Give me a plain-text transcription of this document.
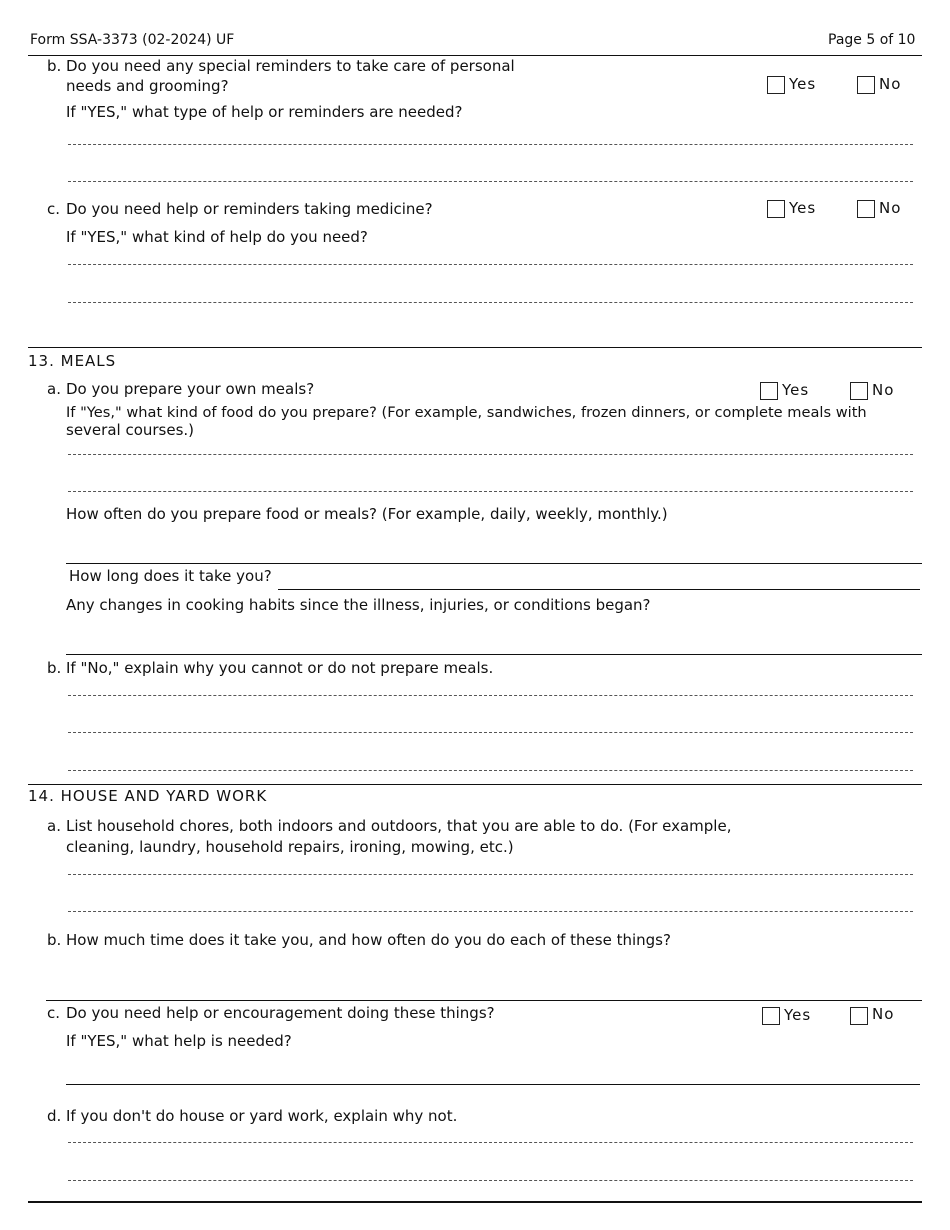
Form SSA-3373 (02-2024) UF	Page 5 of 10
b. Do you need any special reminders to take care of personal
needs and grooming?	Yes	No
If "YES," what type of help or reminders are needed?
c. Do you need help or reminders taking medicine?	Yes	No
If "YES," what kind of help do you need?
13. MEALS
a. Do you prepare your own meals?	Yes	No
If "Yes," what kind of food do you prepare? (For example, sandwiches, frozen dinners, or complete meals with
several courses.)
How often do you prepare food or meals? (For example, daily, weekly, monthly.)
How long does it take you?
Any changes in cooking habits since the illness, injuries, or conditions began?
b. If "No," explain why you cannot or do not prepare meals.
14. HOUSE AND YARD WORK
a. List household chores, both indoors and outdoors, that you are able to do. (For example,
cleaning, laundry, household repairs, ironing, mowing, etc.)
b. How much time does it take you, and how often do you do each of these things?
c. Do you need help or encouragement doing these things?	Yes	No
If "YES," what help is needed?
d. If you don't do house or yard work, explain why not.
